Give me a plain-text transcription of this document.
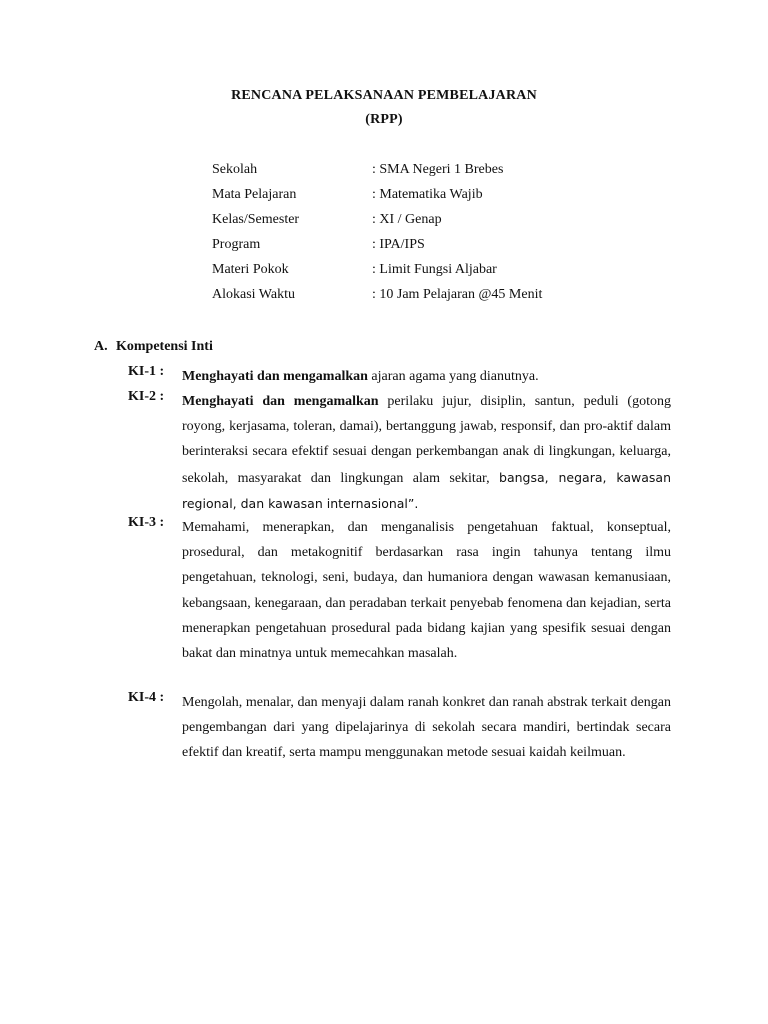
RENCANA PELAKSANAAN PEMBELAJARAN
(RPP)
Sekolah	: SMA Negeri 1 Brebes
Mata Pelajaran	: Matematika Wajib
Kelas/Semester	: XI / Genap
Program	: IPA/IPS
Materi Pokok	: Limit Fungsi Aljabar
Alokasi Waktu	: 10 Jam Pelajaran @45 Menit
A. Kompetensi Inti
KI-1 : Menghayati dan mengamalkan ajaran agama yang dianutnya.
KI-2 : Menghayati dan mengamalkan perilaku jujur, disiplin, santun, peduli (gotong royong, kerjasama, toleran, damai), bertanggung jawab, responsif, dan pro-aktif dalam berinteraksi secara efektif sesuai dengan perkembangan anak di lingkungan, keluarga, sekolah, masyarakat dan lingkungan alam sekitar, bangsa, negara, kawasan regional, dan kawasan internasional”.
KI-3 : Memahami, menerapkan, dan menganalisis pengetahuan faktual, konseptual, prosedural, dan metakognitif berdasarkan rasa ingin tahunya tentang ilmu pengetahuan, teknologi, seni, budaya, dan humaniora dengan wawasan kemanusiaan, kebangsaan, kenegaraan, dan peradaban terkait penyebab fenomena dan kejadian, serta menerapkan pengetahuan prosedural pada bidang kajian yang spesifik sesuai dengan bakat dan minatnya untuk memecahkan masalah.
KI-4 : Mengolah, menalar, dan menyaji dalam ranah konkret dan ranah abstrak terkait dengan pengembangan dari yang dipelajarinya di sekolah secara mandiri, bertindak secara efektif dan kreatif, serta mampu menggunakan metode sesuai kaidah keilmuan.
